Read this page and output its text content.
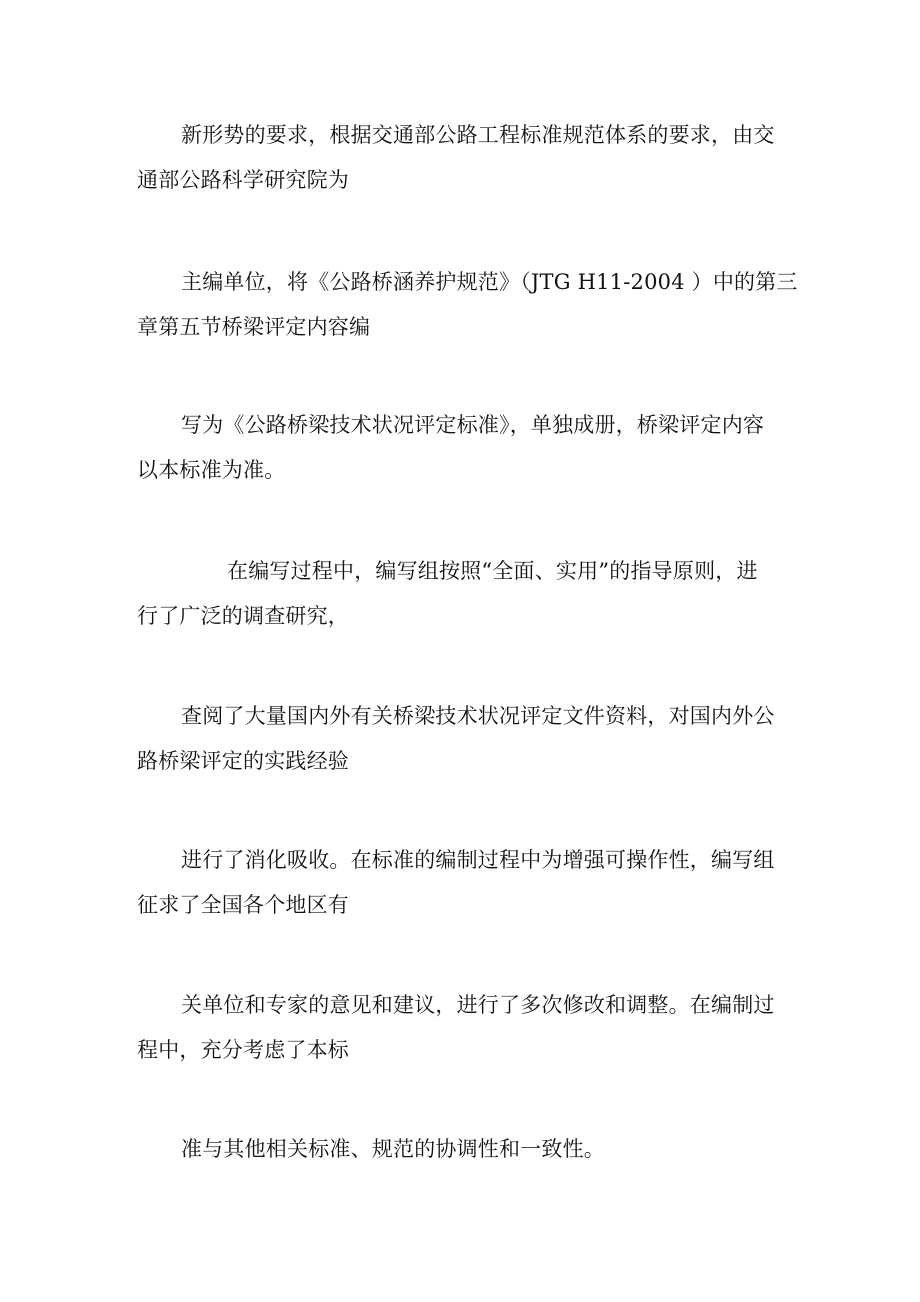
新形势的要求，根据交通部公路工程标准规范体系的要求，由交
通部公路科学研究院为
主编单位，将《公路桥涵养护规范》（JTG H11-2004 ）中的第三
章第五节桥梁评定内容编
写为《公路桥梁技术状况评定标准》，单独成册，桥梁评定内容
以本标准为准。
在编写过程中，编写组按照“全面、实用”的指导原则，进
行了广泛的调查研究，
查阅了大量国内外有关桥梁技术状况评定文件资料，对国内外公
路桥梁评定的实践经验
进行了消化吸收。在标准的编制过程中为增强可操作性，编写组
征求了全国各个地区有
关单位和专家的意见和建议，进行了多次修改和调整。在编制过
程中，充分考虑了本标
准与其他相关标准、规范的协调性和一致性。
